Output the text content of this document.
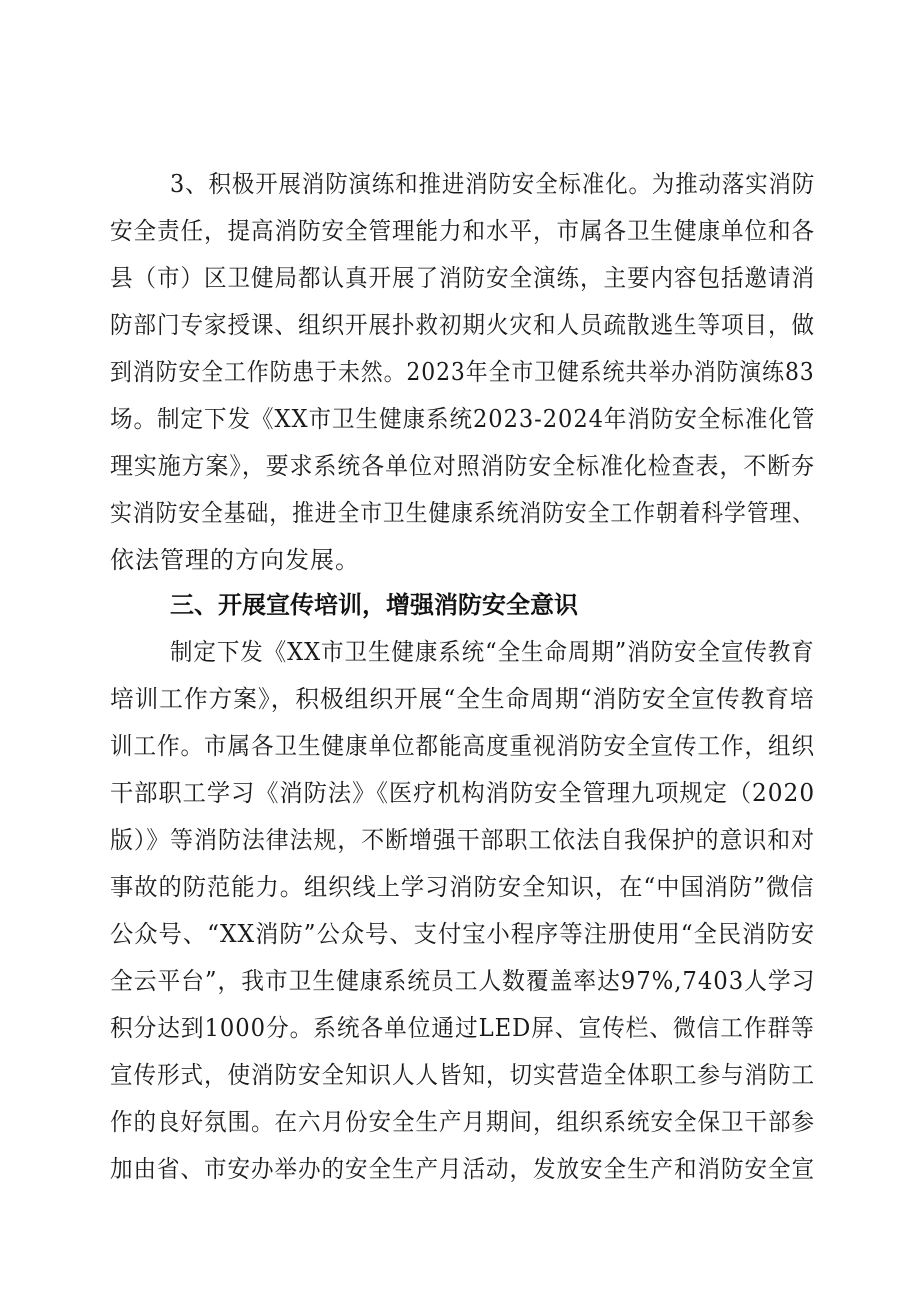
3、积极开展消防演练和推进消防安全标准化。为推动落实消防
安全责任，提高消防安全管理能力和水平，市属各卫生健康单位和各
县（市）区卫健局都认真开展了消防安全演练，主要内容包括邀请消
防部门专家授课、组织开展扑救初期火灾和人员疏散逃生等项目，做
到消防安全工作防患于未然。2023年全市卫健系统共举办消防演练83
场。制定下发《XX市卫生健康系统2023-2024年消防安全标准化管
理实施方案》，要求系统各单位对照消防安全标准化检查表，不断夯
实消防安全基础，推进全市卫生健康系统消防安全工作朝着科学管理、
依法管理的方向发展。
三、开展宣传培训，增强消防安全意识
制定下发《XX市卫生健康系统“全生命周期”消防安全宣传教育
培训工作方案》，积极组织开展“全生命周期“消防安全宣传教育培
训工作。市属各卫生健康单位都能高度重视消防安全宣传工作，组织
干部职工学习《消防法》《医疗机构消防安全管理九项规定（2020
版）》等消防法律法规，不断增强干部职工依法自我保护的意识和对
事故的防范能力。组织线上学习消防安全知识，在“中国消防”微信
公众号、“XX消防”公众号、支付宝小程序等注册使用“全民消防安
全云平台”，我市卫生健康系统员工人数覆盖率达97%,7403人学习
积分达到1000分。系统各单位通过LED屏、宣传栏、微信工作群等
宣传形式，使消防安全知识人人皆知，切实营造全体职工参与消防工
作的良好氛围。在六月份安全生产月期间，组织系统安全保卫干部参
加由省、市安办举办的安全生产月活动，发放安全生产和消防安全宣
